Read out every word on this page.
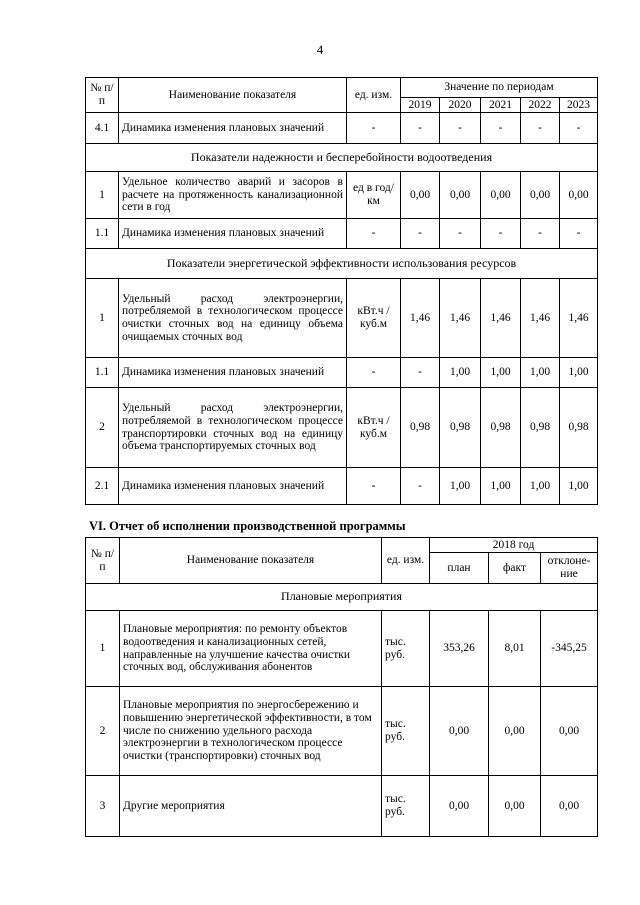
4
№ п/п	Наименование показателя	ед. изм.	Значение по периодам				
			2019	2020	2021	2022	2023
4.1	Динамика изменения плановых значений	-	-	-	-	-	-
Показатели надежности и бесперебойности водоотведения							
1	Удельное количество аварий и засоров в расчете на протяженность канализационной сети в год	ед в год/ км	0,00	0,00	0,00	0,00	0,00
1.1	Динамика изменения плановых значений	-	-	-	-	-	-
Показатели энергетической эффективности использования ресурсов							
1	Удельный расход электроэнергии, потребляемой в технологическом процессе очистки сточных вод на единицу объема очищаемых сточных вод	кВт.ч / куб.м	1,46	1,46	1,46	1,46	1,46
1.1	Динамика изменения плановых значений	-	-	1,00	1,00	1,00	1,00
2	Удельный расход электроэнергии, потребляемой в технологическом процессе транспортировки сточных вод на единицу объема транспортируемых сточных вод	кВт.ч / куб.м	0,98	0,98	0,98	0,98	0,98
2.1	Динамика изменения плановых значений	-	-	1,00	1,00	1,00	1,00
VI. Отчет об исполнении производственной программы
№ п/п	Наименование показателя	ед. изм.	2018 год		
			план	факт	отклоне- ние
Плановые мероприятия					
1	Плановые мероприятия: по ремонту объектов водоотведения и канализационных сетей, направленные на улучшение качества очистки сточных вод, обслуживания абонентов	тыс. руб.	353,26	8,01	-345,25
2	Плановые мероприятия по энергосбережению и повышению энергетической эффективности, в том числе по снижению удельного расхода электроэнергии в технологическом процессе очистки (транспортировки) сточных вод	тыс. руб.	0,00	0,00	0,00
3	Другие мероприятия	тыс. руб.	0,00	0,00	0,00
